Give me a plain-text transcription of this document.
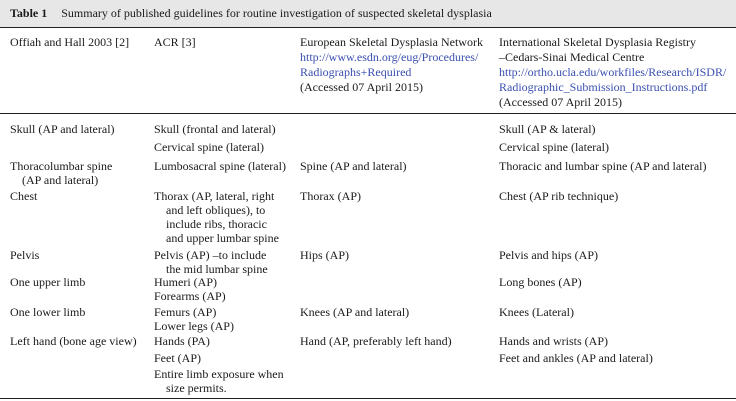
Table 1 Summary of published guidelines for routine investigation of suspected skeletal dysplasia
Offiah and Hall 2003 [2] ACR [3]	European Skeletal Dysplasia Network
http://www.esdn.org/eug/Procedures/
Radiographs+Required
(Accessed 07 April 2015)
International Skeletal Dysplasia Registry
–Cedars-Sinai Medical Centre
http://ortho.ucla.edu/workfiles/Research/ISDR/
Radiographic_Submission_Instructions.pdf
(Accessed 07 April 2015)
Skull (AP and lateral)
Thoracolumbar spine

(AP and lateral)
Chest
Pelvis
One upper limb
One lower limb
Left hand (bone age view)
Skull (frontal and lateral)
Cervical spine (lateral)
Lumbosacral spine (lateral)
Thorax (AP, lateral, right

and left obliques), to
include ribs, thoracic
and upper lumbar spine
Pelvis (AP) –to include

the mid lumbar spine
Humeri (AP)
Forearms (AP)
Femurs (AP)
Lower legs (AP)
Hands (PA)

Feet (AP)
Entire limb exposure when
size permits.
Spine (AP and lateral)
Thorax (AP)
Hips (AP)
Knees (AP and lateral)
Hand (AP, preferably left hand)
Skull (AP & lateral)
Cervical spine (lateral)
Thoracic and lumbar spine (AP and lateral)
Chest (AP rib technique)
Pelvis and hips (AP)
Long bones (AP)
Knees (Lateral)
Hands and wrists (AP)

Feet and ankles (AP and lateral)
